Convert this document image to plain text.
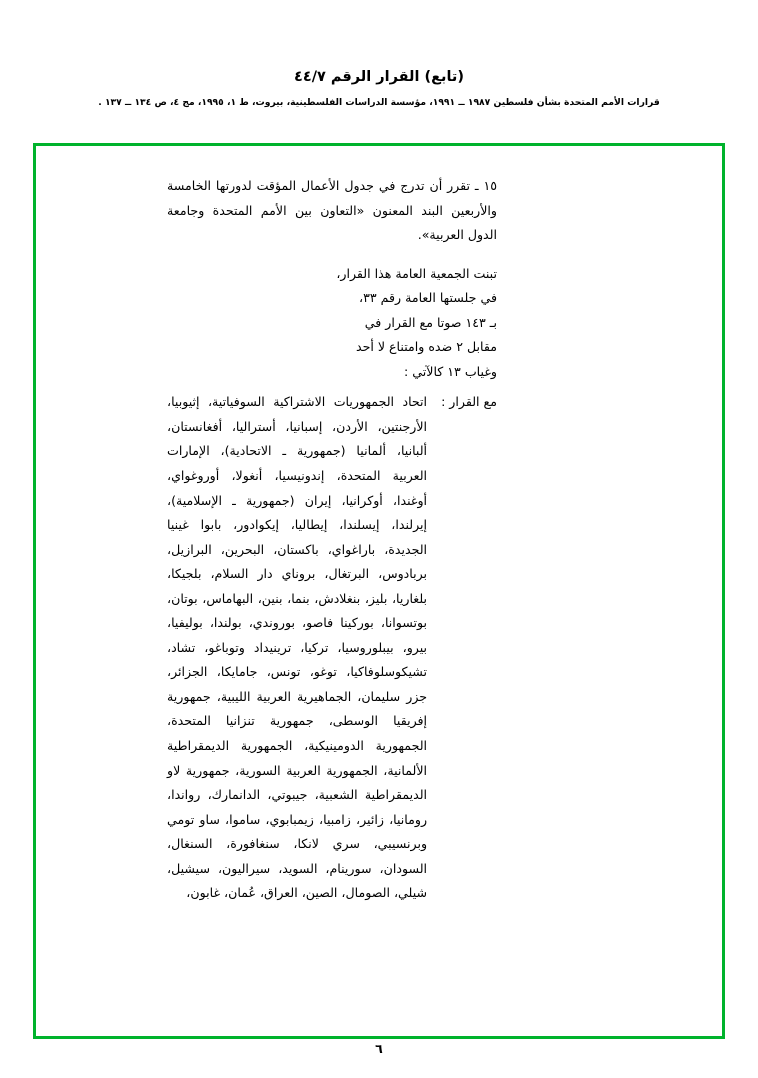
(تابع) القرار الرقم ٤٤/٧
قرارات الأمم المتحدة بشأن فلسطين ١٩٨٧ ــ ١٩٩١، مؤسسة الدراسات الفلسطينية، بيروت، ط ١، ١٩٩٥، مج ٤، ص ١٣٤ ــ ١٣٧ .
١٥ ـ تقرر أن تدرج في جدول الأعمال المؤقت لدورتها الخامسة والأربعين البند المعنون «التعاون بين الأمم المتحدة وجامعة الدول العربية».
تبنت الجمعية العامة هذا القرار،
في جلستها العامة رقم ٣٣،
بـ ١٤٣ صوتا مع القرار في
مقابل ٢ ضده وامتناع لا أحد
وغياب ١٣ كالآتي :
مع القرار :
اتحاد الجمهوريات الاشتراكية السوفياتية، إثيوبيا، الأرجنتين، الأردن، إسبانيا، أستراليا، أفغانستان، ألبانيا، ألمانيا (جمهورية ـ الاتحادية)، الإمارات العربية المتحدة، إندونيسيا، أنغولا، أوروغواي، أوغندا، أوكرانيا، إيران (جمهورية ـ الإسلامية)، إيرلندا، إيسلندا، إيطاليا، إيكوادور، بابوا غينيا الجديدة، باراغواي، باكستان، البحرين، البرازيل، بربادوس، البرتغال، بروناي دار السلام، بلجيكا، بلغاريا، بليز، بنغلادش، بنما، بنين، البهاماس، بوتان، بوتسوانا، بوركينا فاصو، بوروندي، بولندا، بوليفيا، بيرو، بيبلوروسيا، تركيا، ترينيداد وتوباغو، تشاد، تشيكوسلوفاكيا، توغو، تونس، جامايكا، الجزائر، جزر سليمان، الجماهيرية العربية الليبية، جمهورية إفريقيا الوسطى، جمهورية تنزانيا المتحدة، الجمهورية الدومينيكية، الجمهورية الديمقراطية الألمانية، الجمهورية العربية السورية، جمهورية لاو الديمقراطية الشعبية، جيبوتي، الدانمارك، رواندا، رومانيا، زائير، زامبيا، زيمبابوي، ساموا، ساو تومي وبرنسيبي، سري لانكا، سنغافورة، السنغال، السودان، سورينام، السويد، سيراليون، سيشيل، شيلي، الصومال، الصين، العراق، عُمان، غابون،
٦
